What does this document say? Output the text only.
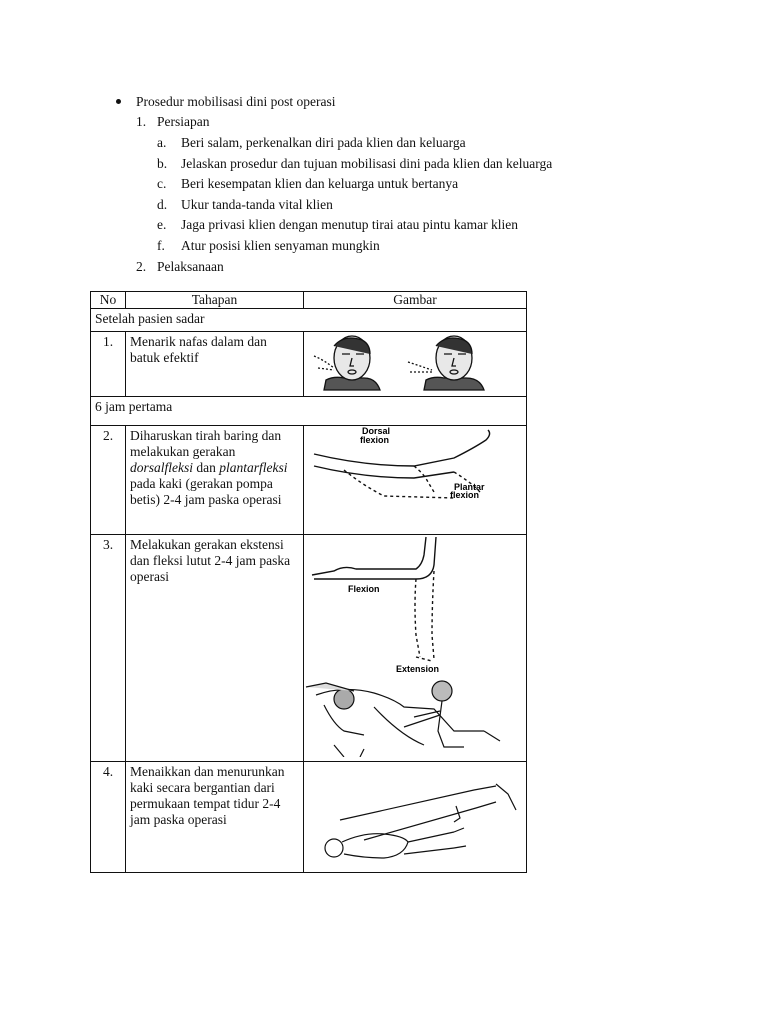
Prosedur mobilisasi dini post operasi
1. Persiapan
a. Beri salam, perkenalkan diri pada klien dan keluarga
b. Jelaskan prosedur dan tujuan mobilisasi dini pada klien dan keluarga
c. Beri kesempatan klien dan keluarga untuk bertanya
d. Ukur tanda-tanda vital klien
e. Jaga privasi klien dengan menutup tirai atau pintu kamar klien
f. Atur posisi klien senyaman mungkin
2. Pelaksanaan
No	Tahapan	Gambar
Setelah pasien sadar		
1.	Menarik nafas dalam dan batuk efektif	
6 jam pertama		
2.	Diharuskan tirah baring dan melakukan gerakan dorsalfleksi dan plantarfleksi pada kaki (gerakan pompa betis) 2-4 jam paska operasi	Dorsal
flexion
Plantar
flexion

3.	Melakukan gerakan ekstensi dan fleksi lutut 2-4 jam paska operasi	Flexion
Extension

4.	Menaikkan dan menurunkan kaki secara bergantian dari permukaan tempat tidur 2-4 jam paska operasi	
